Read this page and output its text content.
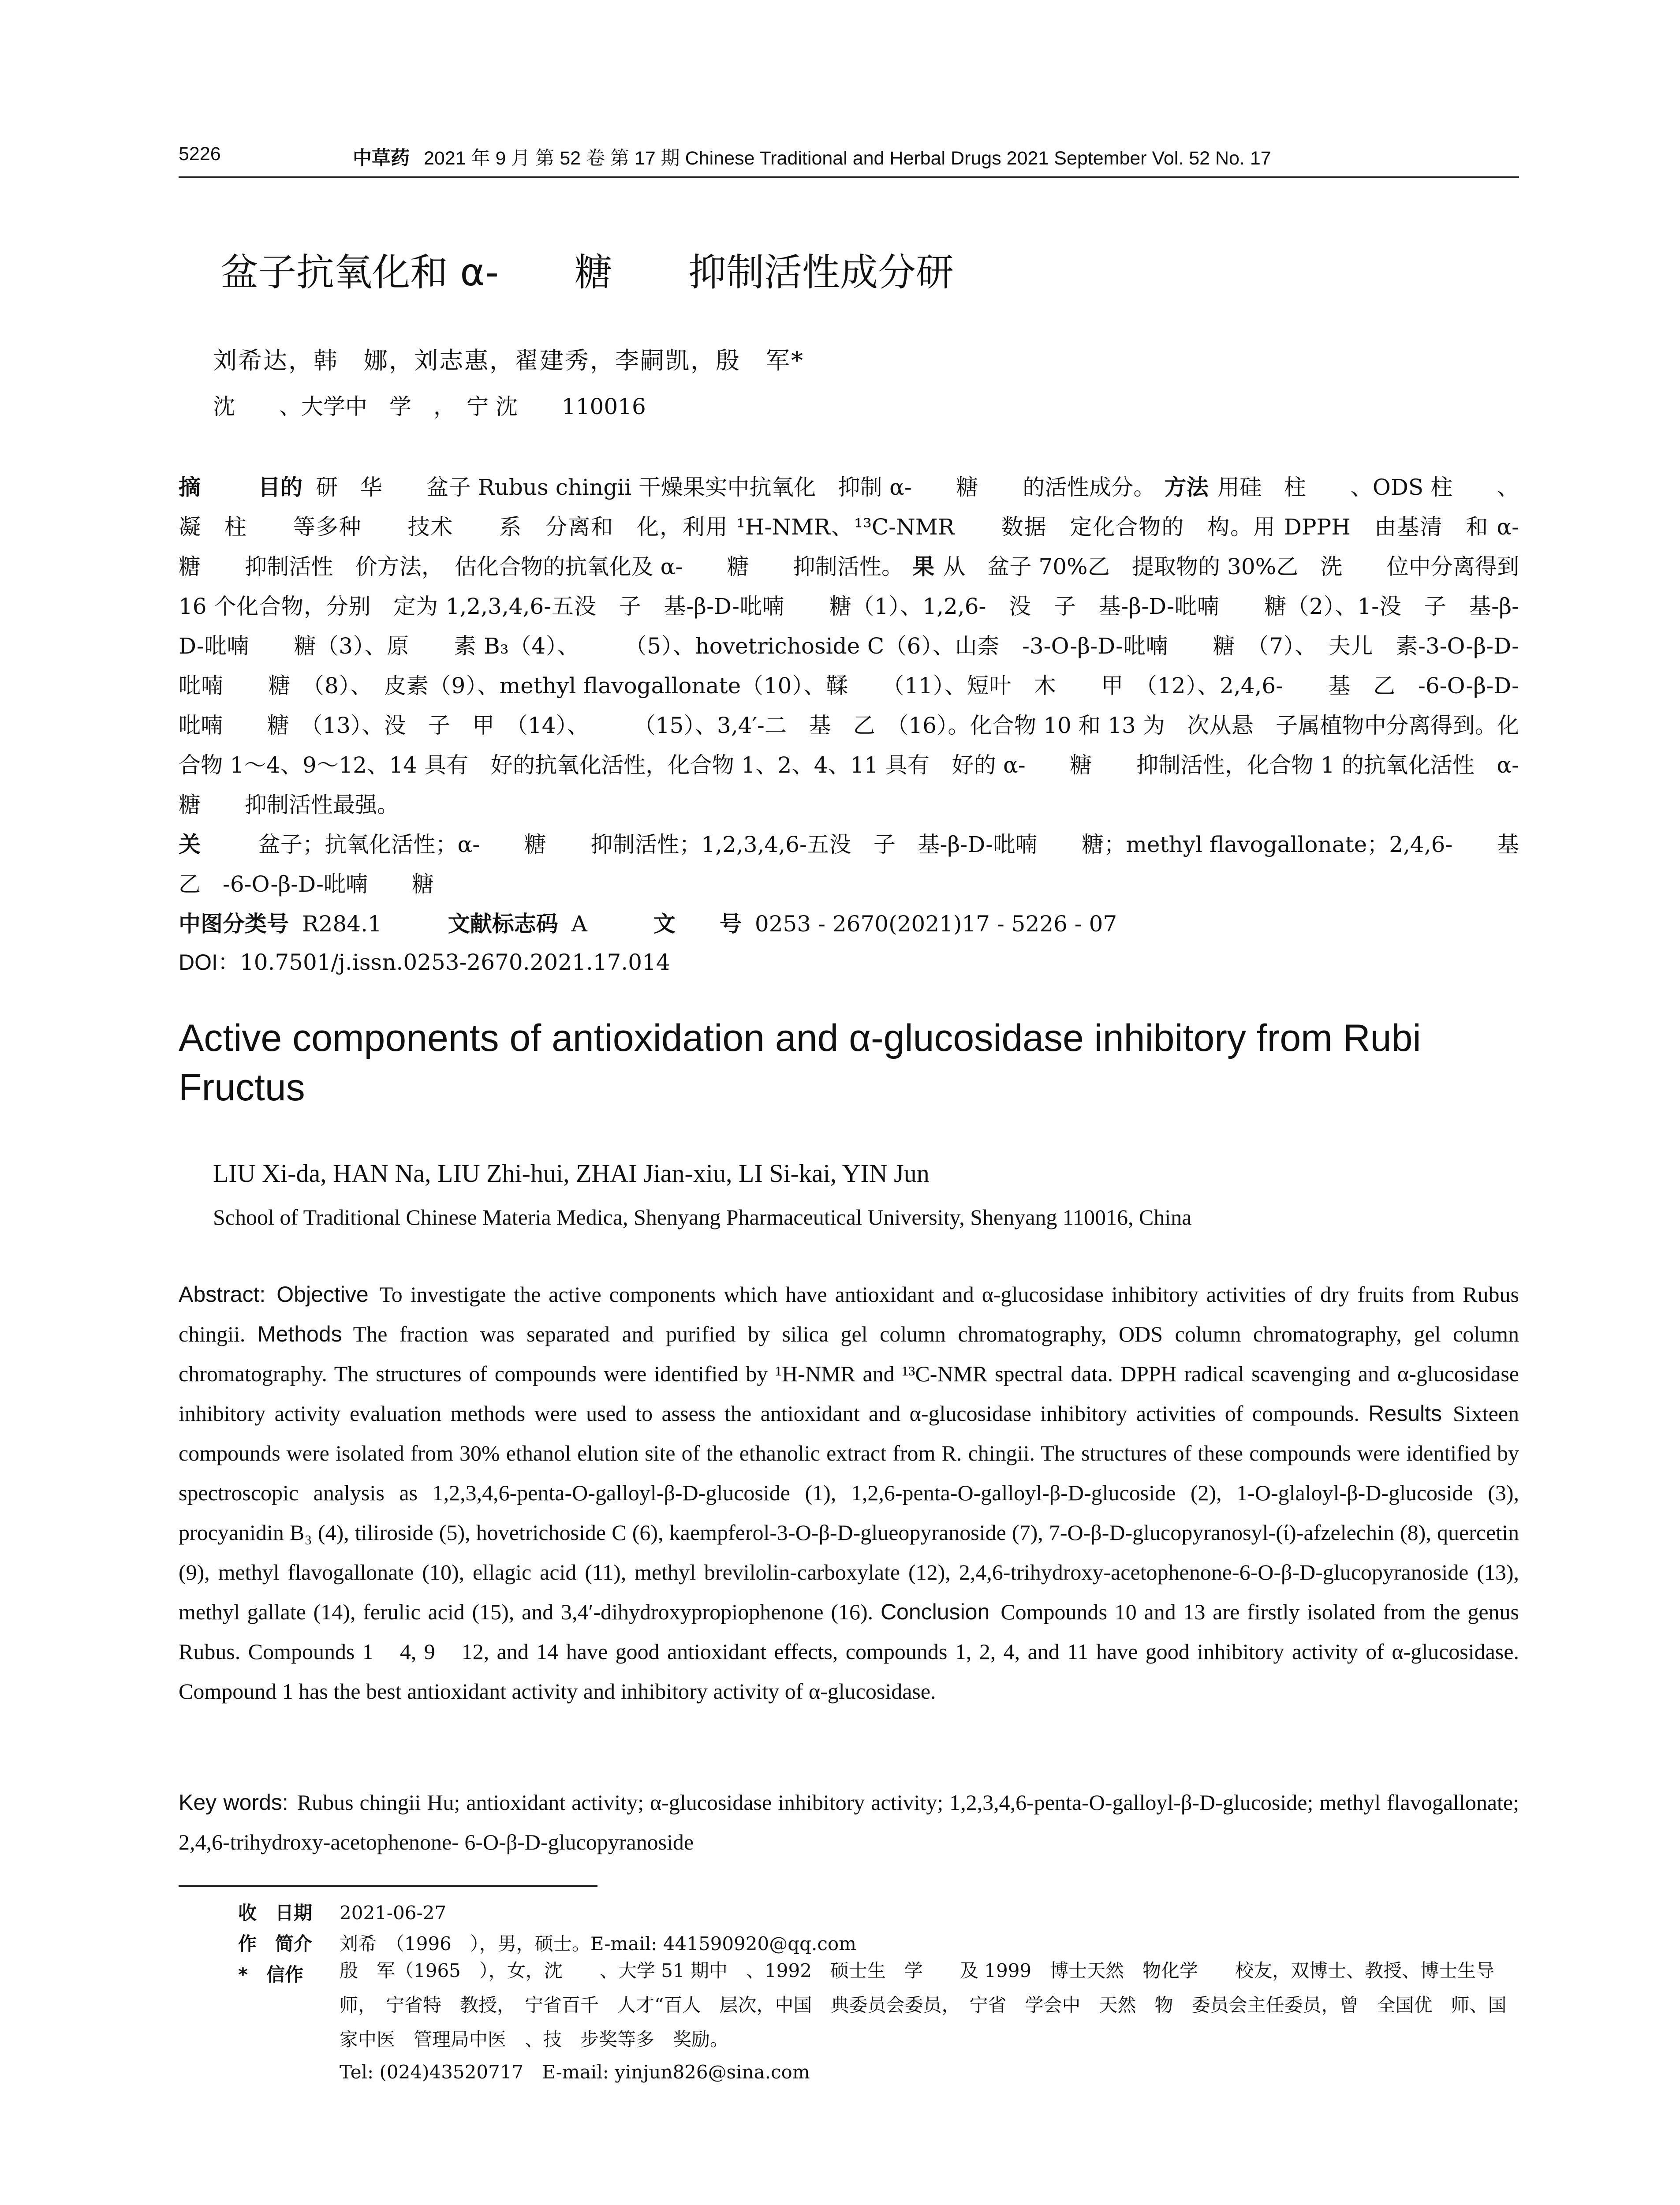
5226	中草药 2021 年 9 月 第 52 卷 第 17 期 Chinese Traditional and Herbal Drugs 2021 September Vol. 52 No. 17
盆子抗氧化和 α-　　糖　　抑制活性成分研
刘希达，韩　娜，刘志惠，翟建秀，李嗣凯，殷　军*
沈　　、大学中　学　，　宁 沈　　110016
摘　　目的 研　华　　盆子 Rubus chingii 干燥果实中抗氧化　抑制 α-　　糖　　的活性成分。 方法 用硅　柱　　、ODS 柱　　、凝　柱　　等多种　　技术　　系　分离和　化，利用 ¹H-NMR、¹³C-NMR　　数据　定化合物的　构。用 DPPH　由基清　和 α-　　糖　　抑制活性　价方法，　估化合物的抗氧化及 α-　　糖　　抑制活性。 果 从　盆子 70%乙　提取物的 30%乙　洗　　位中分离得到 16 个化合物，分别　定为 1,2,3,4,6-五没　子　基-β-D-吡喃　　糖（1）、1,2,6-　没　子　基-β-D-吡喃　　糖（2）、1-没　子　基-β-D-吡喃　　糖（3）、原　　素 B₃（4）、　　　（5）、hovetrichoside C（6）、山柰　-3-O-β-D-吡喃　　糖　（7）、　夫儿　素-3-O-β-D-吡喃　　糖　（8）、　皮素（9）、methyl flavogallonate（10）、鞣　　（11）、短叶　木　　甲　（12）、2,4,6-　　基　乙　-6-O-β-D-吡喃　　糖　（13）、没　子　甲　（14）、　　　（15）、3,4′-二　基　乙　（16）。化合物 10 和 13 为　次从悬　子属植物中分离得到。化合物 1～4、9～12、14 具有　好的抗氧化活性，化合物 1、2、4、11 具有　好的 α-　　糖　　抑制活性，化合物 1 的抗氧化活性　α-　　糖　　抑制活性最强。
关　　盆子；抗氧化活性；α-　　糖　　抑制活性；1,2,3,4,6-五没　子　基-β-D-吡喃　　糖；methyl flavogallonate；2,4,6-　　基　乙　-6-O-β-D-吡喃　　糖
中图分类号 R284.1	文献标志码 A	文　　号 0253 - 2670(2021)17 - 5226 - 07
DOI：10.7501/j.issn.0253-2670.2021.17.014
Active components of antioxidation and α-glucosidase inhibitory from Rubi Fructus
LIU Xi-da, HAN Na, LIU Zhi-hui, ZHAI Jian-xiu, LI Si-kai, YIN Jun
School of Traditional Chinese Materia Medica, Shenyang Pharmaceutical University, Shenyang 110016, China
Abstract: Objective To investigate the active components which have antioxidant and α-glucosidase inhibitory activities of dry fruits from Rubus chingii. Methods The fraction was separated and purified by silica gel column chromatography, ODS column chromatography, gel column chromatography. The structures of compounds were identified by ¹H-NMR and ¹³C-NMR spectral data. DPPH radical scavenging and α-glucosidase inhibitory activity evaluation methods were used to assess the antioxidant and α-glucosidase inhibitory activities of compounds. Results Sixteen compounds were isolated from 30% ethanol elution site of the ethanolic extract from R. chingii. The structures of these compounds were identified by spectroscopic analysis as 1,2,3,4,6-penta-O-galloyl-β-D-glucoside (1), 1,2,6-penta-O-galloyl-β-D-glucoside (2), 1-O-glaloyl-β-D-glucoside (3), procyanidin B₃ (4), tiliroside (5), hovetrichoside C (6), kaempferol-3-O-β-D-glueopyranoside (7), 7-O-β-D-glucopyranosyl-(ί)-afzelechin (8), quercetin (9), methyl flavogallonate (10), ellagic acid (11), methyl brevilolin-carboxylate (12), 2,4,6-trihydroxy-acetophenone-6-O-β-D-glucopyranoside (13), methyl gallate (14), ferulic acid (15), and 3,4′-dihydroxypropiophenone (16). Conclusion Compounds 10 and 13 are firstly isolated from the genus Rubus. Compounds 1　4, 9　12, and 14 have good antioxidant effects, compounds 1, 2, 4, and 11 have good inhibitory activity of α-glucosidase. Compound 1 has the best antioxidant activity and inhibitory activity of α-glucosidase.
Key words: Rubus chingii Hu; antioxidant activity; α-glucosidase inhibitory activity; 1,2,3,4,6-penta-O-galloyl-β-D-glucoside; methyl flavogallonate; 2,4,6-trihydroxy-acetophenone- 6-O-β-D-glucopyranoside
收　日期 2021-06-27
作　简介 刘希　（1996　），男，硕士。E-mail: 441590920@qq.com
*　信作 殷　军（1965　），女，沈　　、大学 51 期中　、1992　硕士生　学　　及 1999　博士天然　物化学　　校友，双博士、教授、博士生导师，　宁省特　教授，　宁省百千　人才“百人　层次，中国　典委员会委员，　宁省　学会中　天然　物　委员会主任委员，曾　全国优　师、国家中医　管理局中医　、技　步奖等多　奖励。
Tel: (024)43520717　E-mail: yinjun826@sina.com
